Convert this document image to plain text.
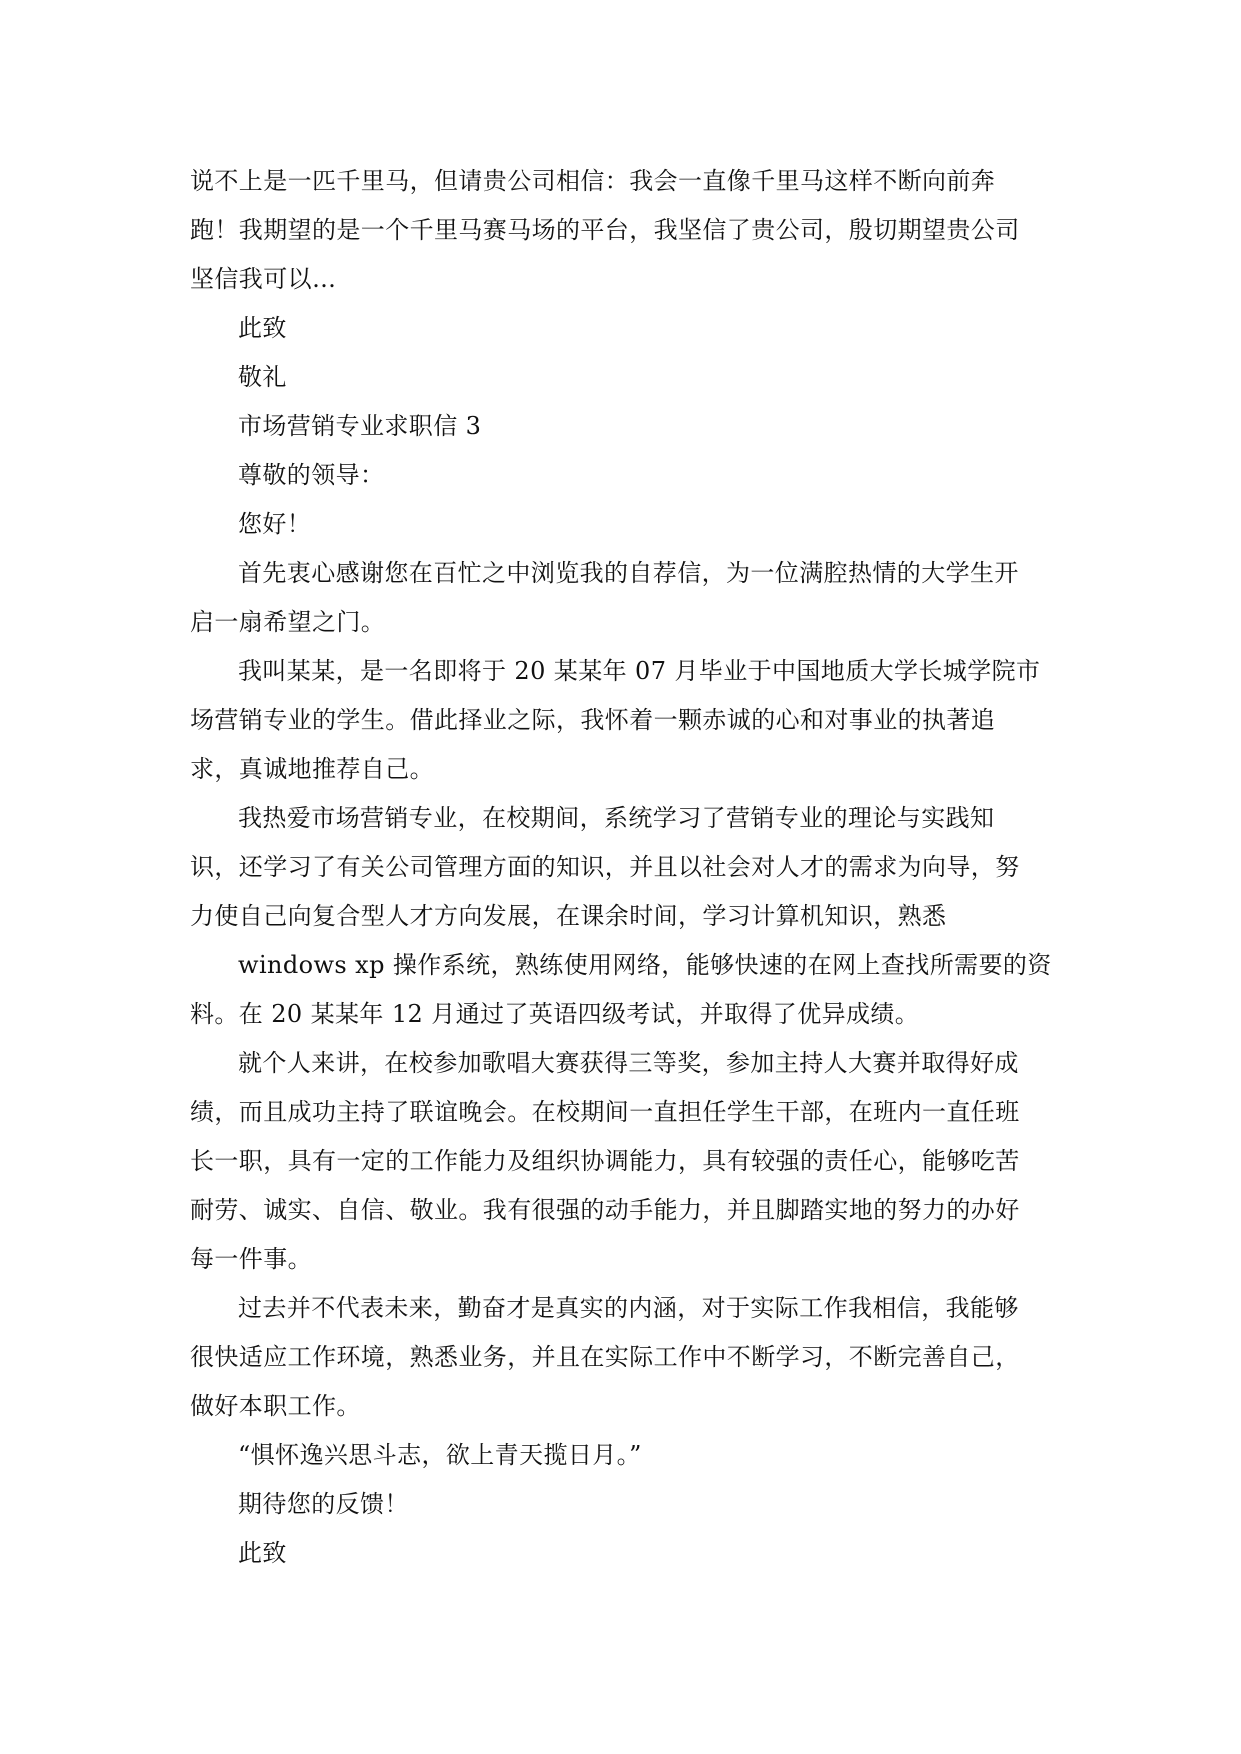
说不上是一匹千里马，但请贵公司相信：我会一直像千里马这样不断向前奔
跑！我期望的是一个千里马赛马场的平台，我坚信了贵公司，殷切期望贵公司
坚信我可以…
此致
敬礼
市场营销专业求职信 3
尊敬的领导：
您好！
首先衷心感谢您在百忙之中浏览我的自荐信，为一位满腔热情的大学生开
启一扇希望之门。
我叫某某，是一名即将于 20 某某年 07 月毕业于中国地质大学长城学院市
场营销专业的学生。借此择业之际，我怀着一颗赤诚的心和对事业的执著追
求，真诚地推荐自己。
我热爱市场营销专业，在校期间，系统学习了营销专业的理论与实践知
识，还学习了有关公司管理方面的知识，并且以社会对人才的需求为向导，努
力使自己向复合型人才方向发展，在课余时间，学习计算机知识，熟悉
windows xp 操作系统，熟练使用网络，能够快速的在网上查找所需要的资
料。在 20 某某年 12 月通过了英语四级考试，并取得了优异成绩。
就个人来讲，在校参加歌唱大赛获得三等奖，参加主持人大赛并取得好成
绩，而且成功主持了联谊晚会。在校期间一直担任学生干部，在班内一直任班
长一职，具有一定的工作能力及组织协调能力，具有较强的责任心，能够吃苦
耐劳、诚实、自信、敬业。我有很强的动手能力，并且脚踏实地的努力的办好
每一件事。
过去并不代表未来，勤奋才是真实的内涵，对于实际工作我相信，我能够
很快适应工作环境，熟悉业务，并且在实际工作中不断学习，不断完善自己，
做好本职工作。
“惧怀逸兴思斗志，欲上青天揽日月。”
期待您的反馈！
此致
